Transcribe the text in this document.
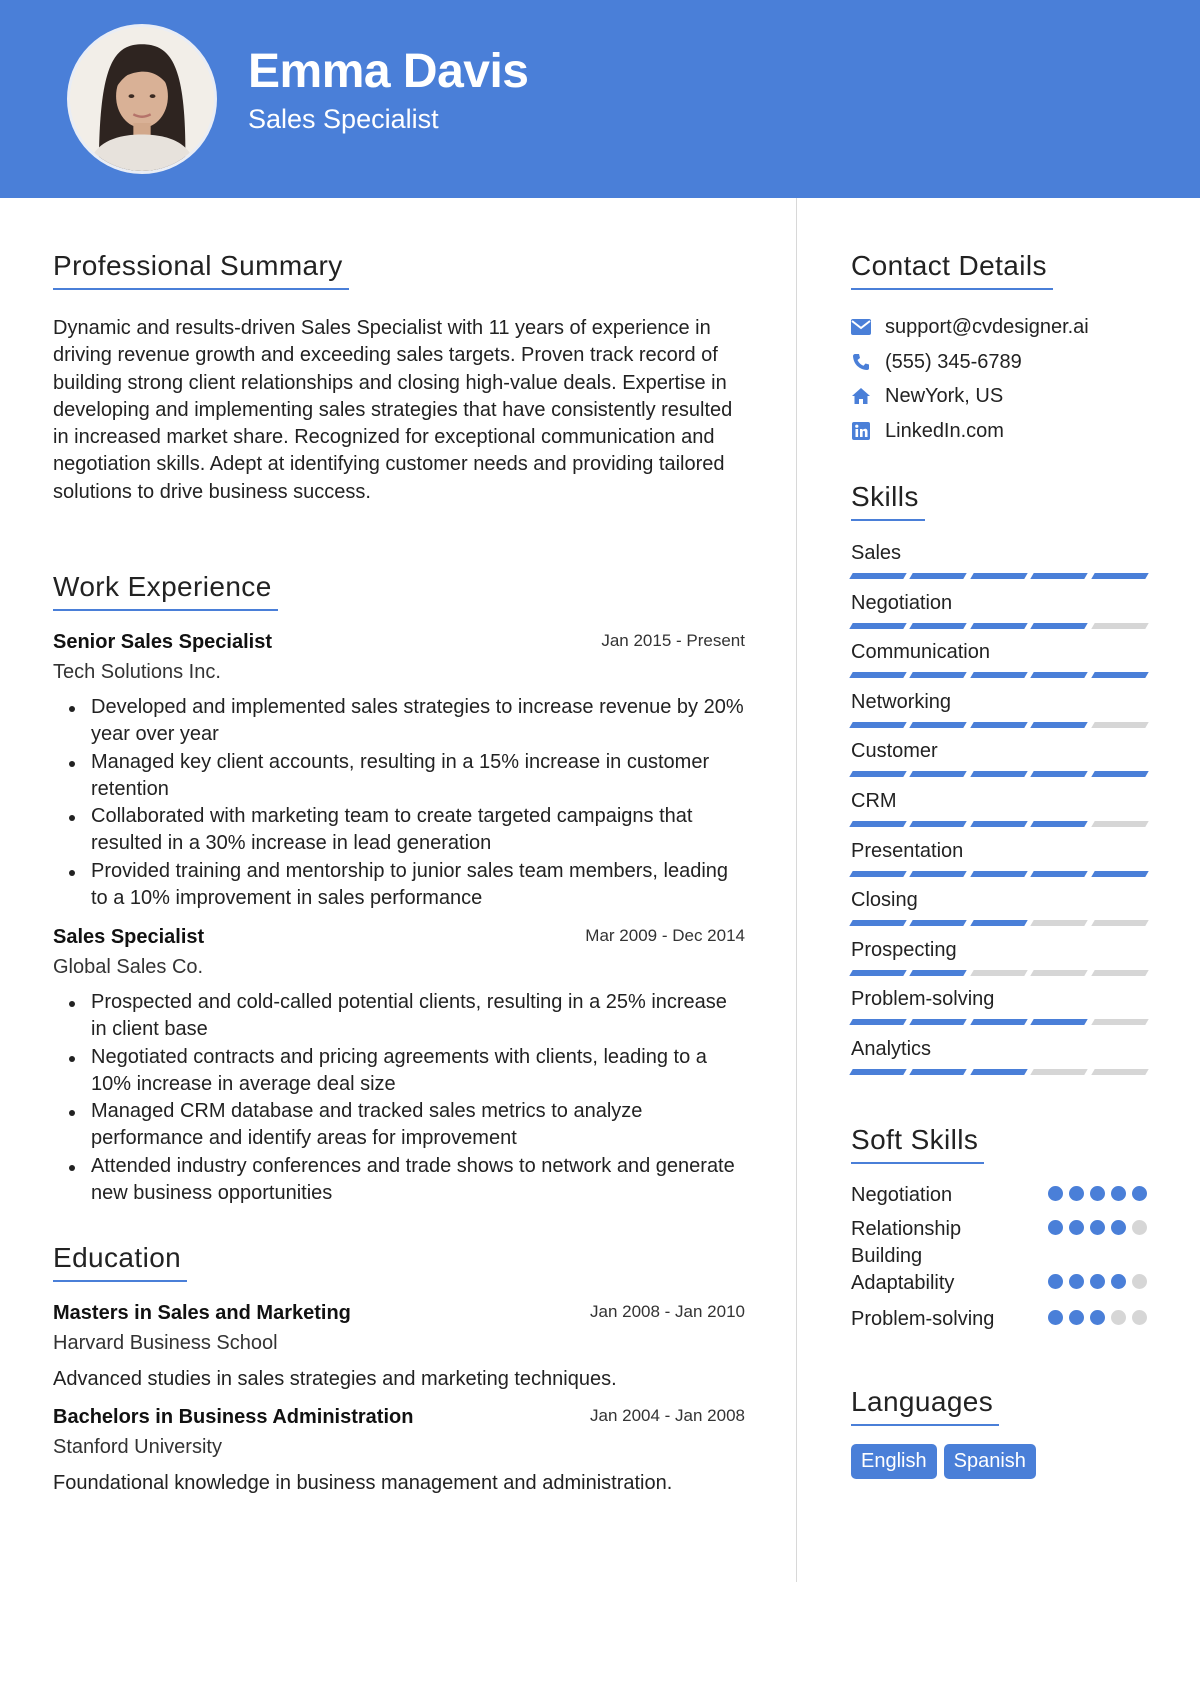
Emma Davis
Sales Specialist
Professional Summary
Dynamic and results-driven Sales Specialist with 11 years of experience in driving revenue growth and exceeding sales targets. Proven track record of building strong client relationships and closing high-value deals. Expertise in developing and implementing sales strategies that have consistently resulted in increased market share. Recognized for exceptional communication and negotiation skills. Adept at identifying customer needs and providing tailored solutions to drive business success.
Work Experience
Senior Sales Specialist	Jan 2015 - Present
Tech Solutions Inc.
Developed and implemented sales strategies to increase revenue by 20% year over year
Managed key client accounts, resulting in a 15% increase in customer retention
Collaborated with marketing team to create targeted campaigns that resulted in a 30% increase in lead generation
Provided training and mentorship to junior sales team members, leading to a 10% improvement in sales performance
Sales Specialist	Mar 2009 - Dec 2014
Global Sales Co.
Prospected and cold-called potential clients, resulting in a 25% increase in client base
Negotiated contracts and pricing agreements with clients, leading to a 10% increase in average deal size
Managed CRM database and tracked sales metrics to analyze performance and identify areas for improvement
Attended industry conferences and trade shows to network and generate new business opportunities
Education
Masters in Sales and Marketing	Jan 2008 - Jan 2010
Harvard Business School
Advanced studies in sales strategies and marketing techniques.
Bachelors in Business Administration	Jan 2004 - Jan 2008
Stanford University
Foundational knowledge in business management and administration.
Contact Details
support@cvdesigner.ai
(555) 345-6789
NewYork, US
LinkedIn.com
Skills
Sales
Negotiation
Communication
Networking
Customer
CRM
Presentation
Closing
Prospecting
Problem-solving
Analytics
Soft Skills
Negotiation
Relationship Building
Adaptability
Problem-solving
Languages
English	Spanish
